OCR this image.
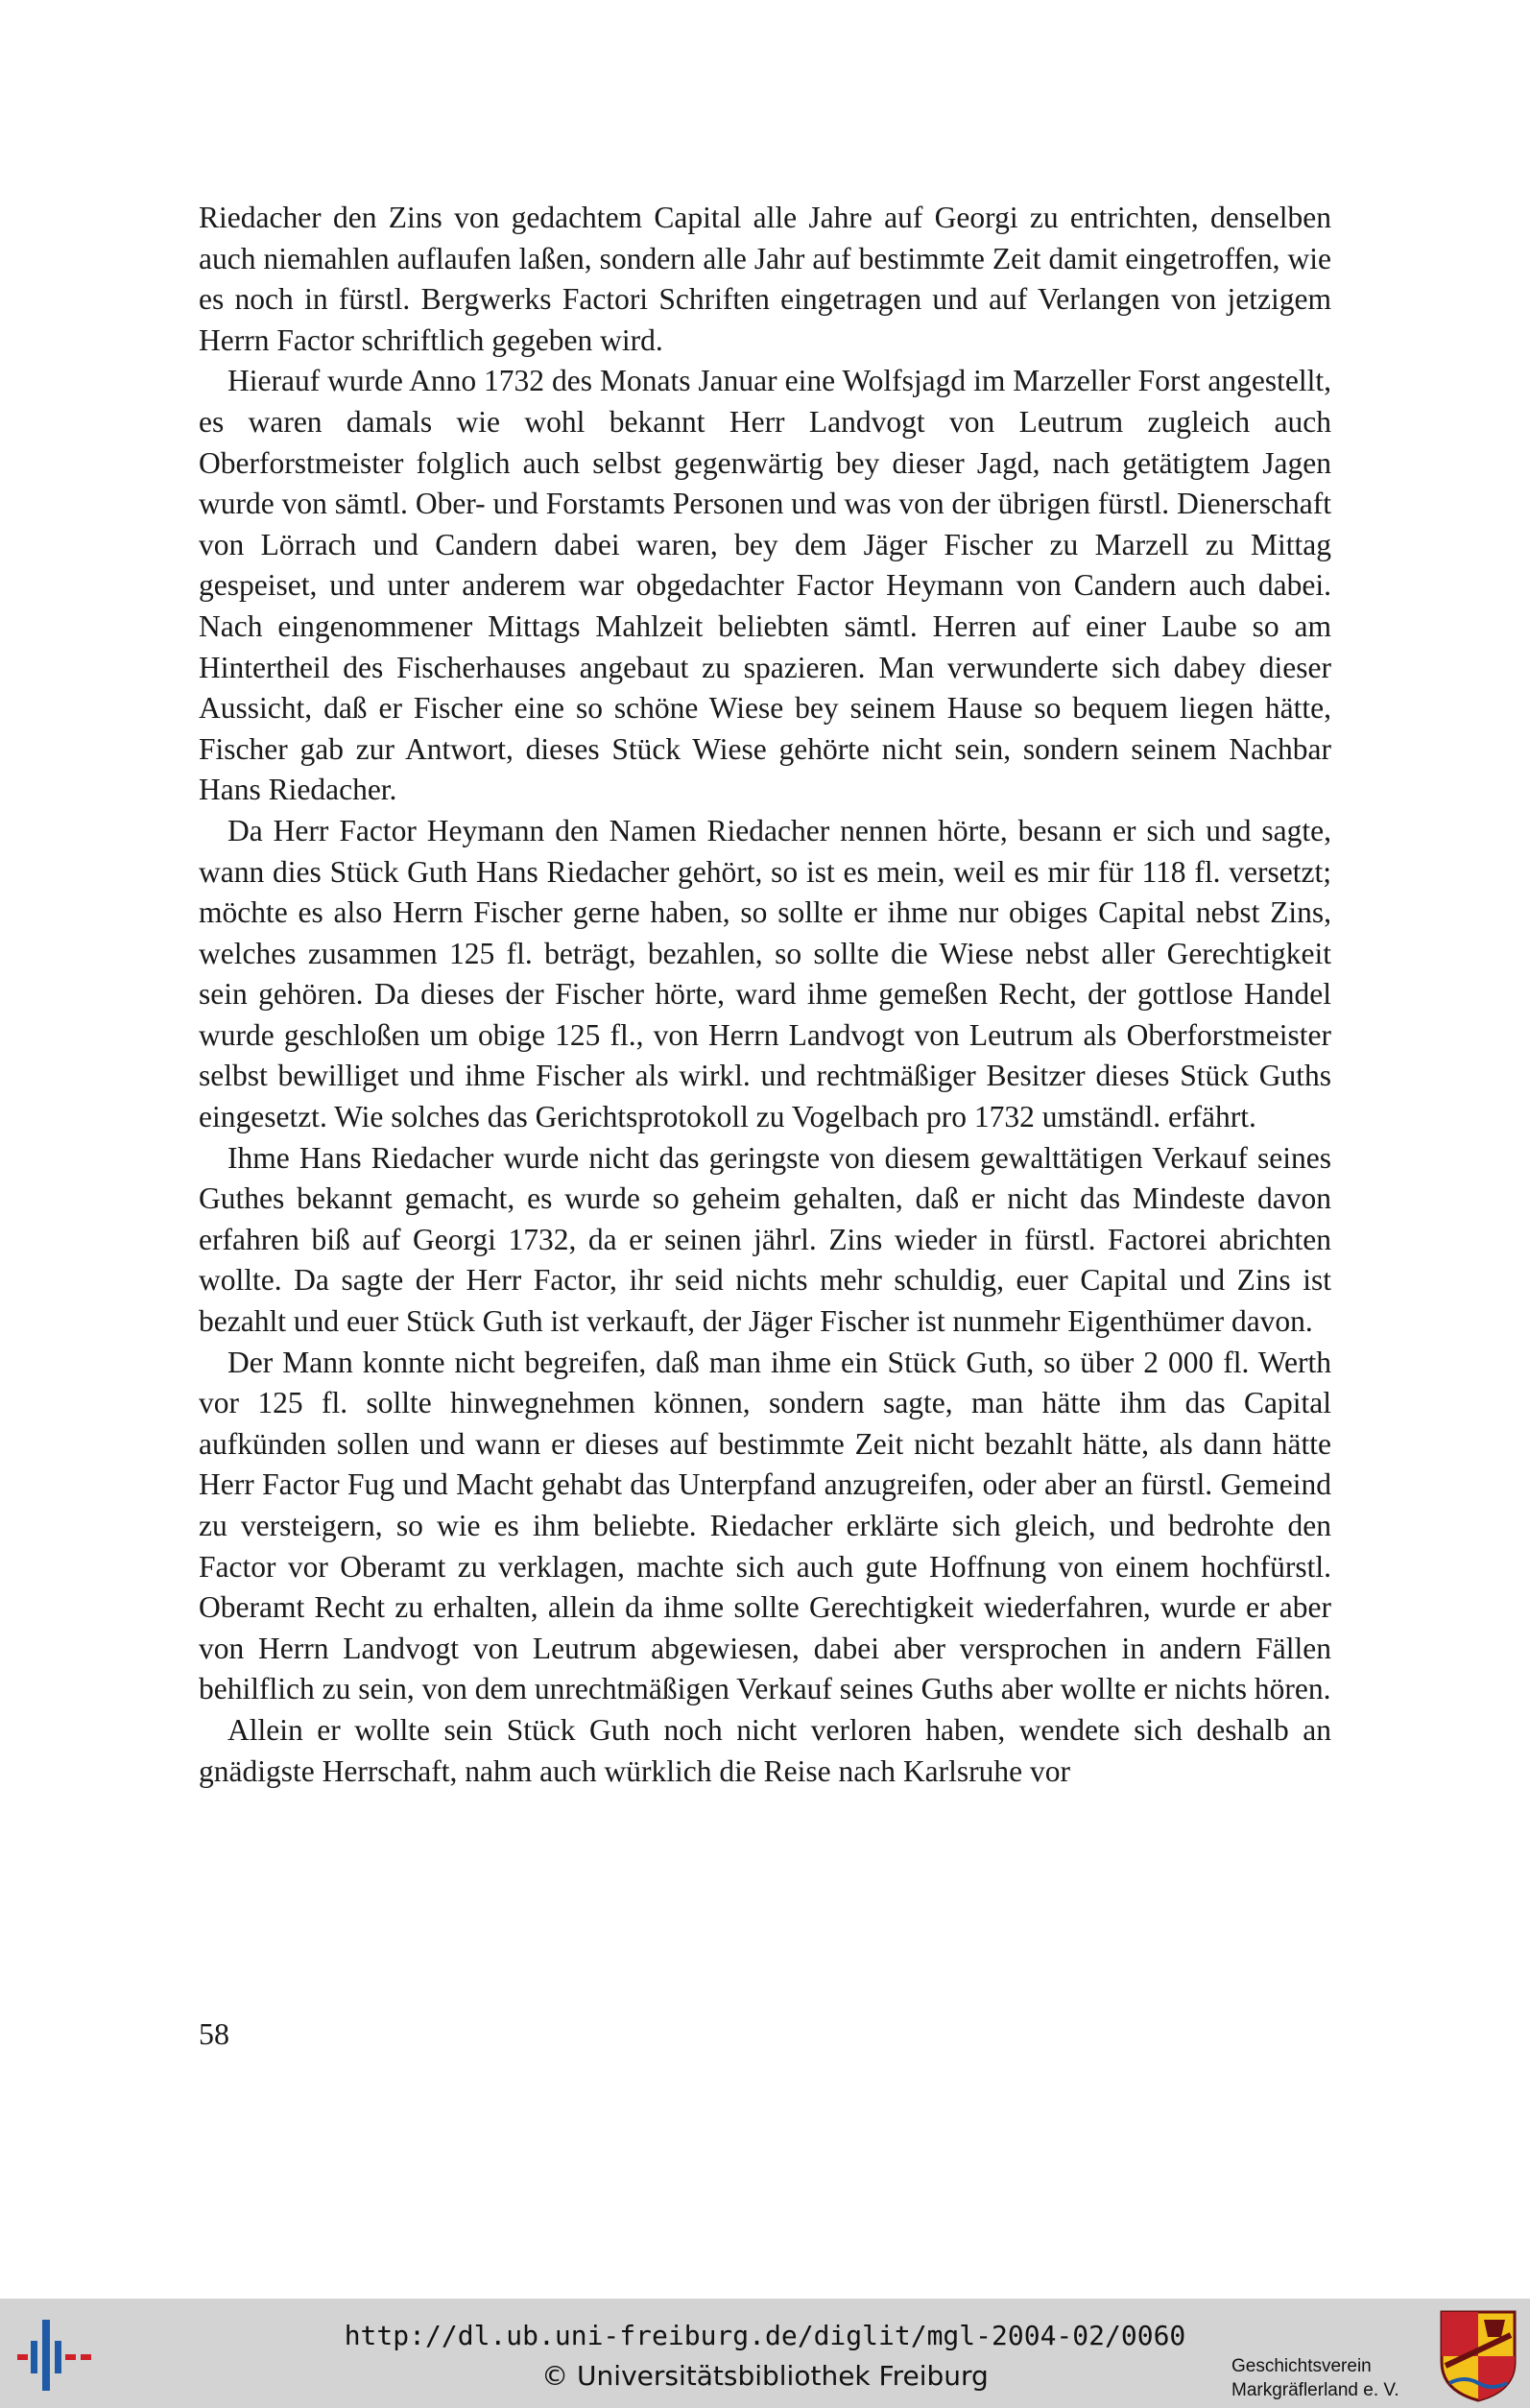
Riedacher den Zins von gedachtem Capital alle Jahre auf Georgi zu entrichten, denselben auch niemahlen auflaufen laßen, sondern alle Jahr auf bestimmte Zeit damit eingetroffen, wie es noch in fürstl. Bergwerks Factori Schriften eingetragen und auf Verlangen von jetzigem Herrn Factor schriftlich gegeben wird.

Hierauf wurde Anno 1732 des Monats Januar eine Wolfsjagd im Marzeller Forst angestellt, es waren damals wie wohl bekannt Herr Landvogt von Leutrum zugleich auch Oberforstmeister folglich auch selbst gegenwärtig bey dieser Jagd, nach getätigtem Jagen wurde von sämtl. Ober- und Forstamts Personen und was von der übrigen fürstl. Dienerschaft von Lörrach und Candern dabei waren, bey dem Jäger Fischer zu Marzell zu Mittag gespeiset, und unter anderem war obgedachter Factor Heymann von Candern auch dabei. Nach eingenommener Mittags Mahlzeit beliebten sämtl. Herren auf einer Laube so am Hintertheil des Fischerhauses angebaut zu spazieren. Man verwunderte sich dabey dieser Aussicht, daß er Fischer eine so schöne Wiese bey seinem Hause so bequem liegen hätte, Fischer gab zur Antwort, dieses Stück Wiese gehörte nicht sein, sondern seinem Nachbar Hans Riedacher.

Da Herr Factor Heymann den Namen Riedacher nennen hörte, besann er sich und sagte, wann dies Stück Guth Hans Riedacher gehört, so ist es mein, weil es mir für 118 fl. versetzt; möchte es also Herrn Fischer gerne haben, so sollte er ihme nur obiges Capital nebst Zins, welches zusammen 125 fl. beträgt, bezahlen, so sollte die Wiese nebst aller Gerechtigkeit sein gehören. Da dieses der Fischer hörte, ward ihme gemeßen Recht, der gottlose Handel wurde geschloßen um obige 125 fl., von Herrn Landvogt von Leutrum als Oberforstmeister selbst bewilliget und ihme Fischer als wirkl. und rechtmäßiger Besitzer dieses Stück Guths eingesetzt. Wie solches das Gerichtsprotokoll zu Vogelbach pro 1732 umständl. erfährt.

Ihme Hans Riedacher wurde nicht das geringste von diesem gewalttätigen Verkauf seines Guthes bekannt gemacht, es wurde so geheim gehalten, daß er nicht das Mindeste davon erfahren biß auf Georgi 1732, da er seinen jährl. Zins wieder in fürstl. Factorei abrichten wollte. Da sagte der Herr Factor, ihr seid nichts mehr schuldig, euer Capital und Zins ist bezahlt und euer Stück Guth ist verkauft, der Jäger Fischer ist nunmehr Eigenthümer davon.

Der Mann konnte nicht begreifen, daß man ihme ein Stück Guth, so über 2 000 fl. Werth vor 125 fl. sollte hinwegnehmen können, sondern sagte, man hätte ihm das Capital aufkünden sollen und wann er dieses auf bestimmte Zeit nicht bezahlt hätte, als dann hätte Herr Factor Fug und Macht gehabt das Unterpfand anzugreifen, oder aber an fürstl. Gemeind zu versteigern, so wie es ihm beliebte. Riedacher erklärte sich gleich, und bedrohte den Factor vor Oberamt zu verklagen, machte sich auch gute Hoffnung von einem hochfürstl. Oberamt Recht zu erhalten, allein da ihme sollte Gerechtigkeit wiederfahren, wurde er aber von Herrn Landvogt von Leutrum abgewiesen, dabei aber versprochen in andern Fällen behilflich zu sein, von dem unrechtmäßigen Verkauf seines Guths aber wollte er nichts hören.

Allein er wollte sein Stück Guth noch nicht verloren haben, wendete sich deshalb an gnädigste Herrschaft, nahm auch würklich die Reise nach Karlsruhe vor

58
http://dl.ub.uni-freiburg.de/diglit/mgl-2004-02/0060
© Universitätsbibliothek Freiburg	Geschichtsverein
Markgräflerland e. V.
